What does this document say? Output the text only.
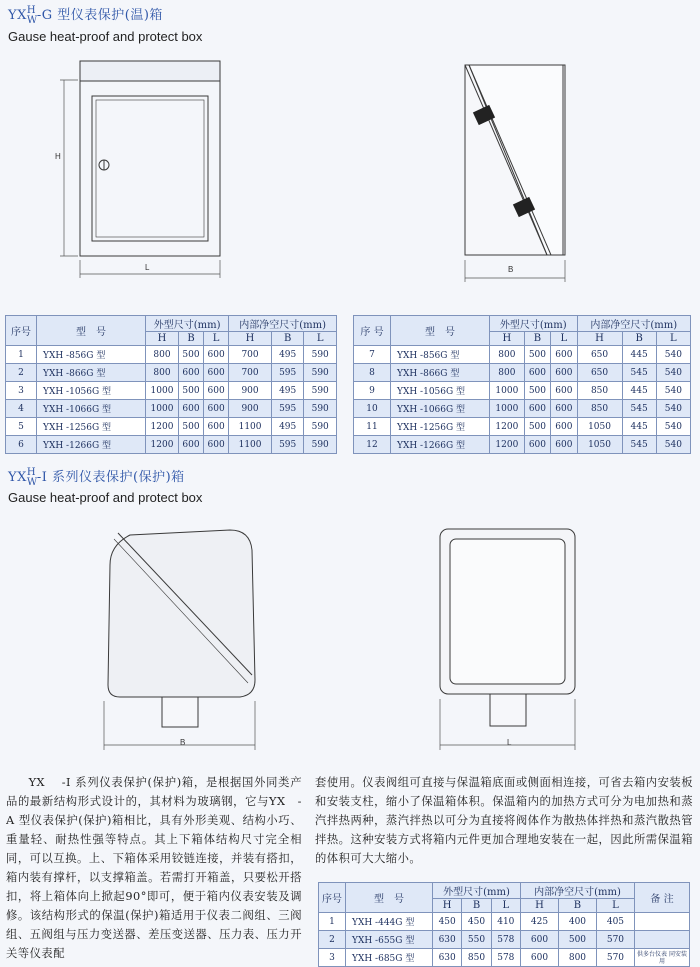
YX H
W -G 型仪表保护(温)箱
Gause heat-proof and protect box
H
L	B
B	L
序号	型　号	外型尺寸(mm)			内部净空尺寸(mm)		
		H	B	L	H	B	L
1	YXH -856G 型	800	500	600	700	495	590
2	YXH -866G 型	800	600	600	700	595	590
3	YXH -1056G 型	1000	500	600	900	495	590
4	YXH -1066G 型	1000	600	600	900	595	590
5	YXH -1256G 型	1200	500	600	1100	495	590
6	YXH -1266G 型	1200	600	600	1100	595	590
序 号	型　号	外型尺寸(mm)			内部净空尺寸(mm)		
		H	B	L	H	B	L
7	YXH -856G 型	800	500	600	650	445	540
8	YXH -866G 型	800	600	600	650	545	540
9	YXH -1056G 型	1000	500	600	850	445	540
10	YXH -1066G 型	1000	600	600	850	545	540
11	YXH -1256G 型	1200	500	600	1050	445	540
12	YXH -1266G 型	1200	600	600	1050	545	540
YX H
W -I 系列仪表保护(保护)箱
Gause heat-proof and protect box
YX　 -I 系列仪表保护(保护)箱，是根据国外同类产品的最新结构形式设计的，其材料为玻璃钢，它与YX　-A 型仪表保护(保护)箱相比，具有外形美观、结构小巧、重量轻、耐热性强等特点。其上下箱体结构尺寸完全相同，可以互换。上、下箱体采用铰链连接，并装有搭扣，箱内装有撑杆，以支撑箱盖。若需打开箱盖，只要松开搭扣，将上箱体向上掀起90°即可，便于箱内仪表安装及调修。该结构形式的保温(保护)箱适用于仪表二阀组、三阀组、五阀组与压力变送器、差压变送器、压力表、压力开关等仪表配
套使用。仪表阀组可直接与保温箱底面或侧面相连接，可省去箱内安装板和安装支柱，缩小了保温箱体积。保温箱内的加热方式可分为电加热和蒸汽拌热两种，蒸汽拌热以可分为直接将阀体作为散热体拌热和蒸汽散热管拌热。这种安装方式将箱内元件更加合理地安装在一起，因此所需保温箱的体积可大大缩小。
序号	型　号	外型尺寸(mm)			内部净空尺寸(mm)			备 注
		H	B	L	H	B	L	
1	YXH -444G 型	450	450	410	425	400	405	
2	YXH -655G 型	630	550	578	600	500	570	
3	YXH -685G 型	630	850	578	600	800	570	供多台仪表 同安装用
